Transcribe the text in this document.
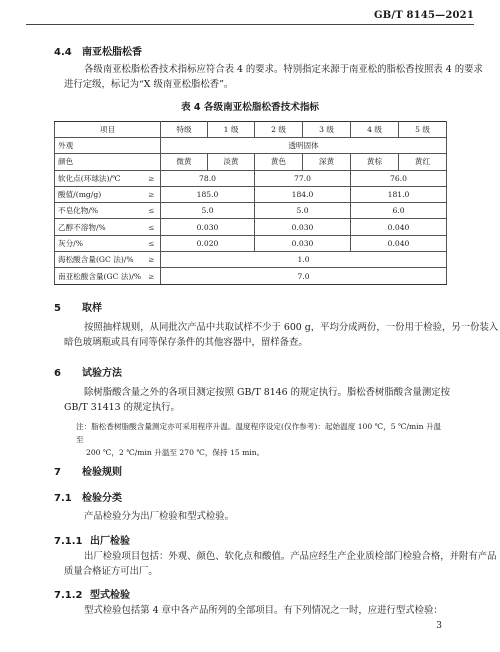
GB/T 8145—2021
4.4 南亚松脂松香
各级南亚松脂松香技术指标应符合表 4 的要求。特别指定来源于南亚松的脂松香按照表 4 的要求
进行定级，标记为“X 级南亚松脂松香”。
表 4 各级南亚松脂松香技术指标
项目		特级	1 级	2 级	3 级	4 级	5 级
外观		透明固体					
颜色		微黄	淡黄	黄色	深黄	黄棕	黄红
软化点(环球法)/℃	≥	78.0		77.0		76.0	
酸值/(mg/g)	≥	185.0		184.0		181.0	
不皂化物/%	≤	5.0		5.0		6.0	
乙醇不溶物/%	≤	0.030		0.030		0.040	
灰分/%	≤	0.020		0.030		0.040	
海松酸含量(GC 法)/%	≥	1.0					
南亚松酸含量(GC 法)/%	≥	7.0					
5 取样
按照抽样规则，从同批次产品中共取试样不少于 600 g，平均分成两份，一份用于检验，另一份装入
暗色玻璃瓶或具有同等保存条件的其他容器中，留样备查。
6 试验方法
除树脂酸含量之外的各项目测定按照 GB/T 8146 的规定执行。脂松香树脂酸含量测定按
GB/T 31413 的规定执行。
注：脂松香树脂酸含量测定亦可采用程序升温。温度程序设定(仅作参考)：起始温度 100 ℃，5 ℃/min 升温至
200 ℃，2 ℃/min 升温至 270 ℃，保持 15 min。
7 检验规则
7.1 检验分类
产品检验分为出厂检验和型式检验。
7.1.1 出厂检验
出厂检验项目包括：外观、颜色、软化点和酸值。产品应经生产企业质检部门检验合格，并附有产品
质量合格证方可出厂。
7.1.2 型式检验
型式检验包括第 4 章中各产品所列的全部项目。有下列情况之一时，应进行型式检验：
3
